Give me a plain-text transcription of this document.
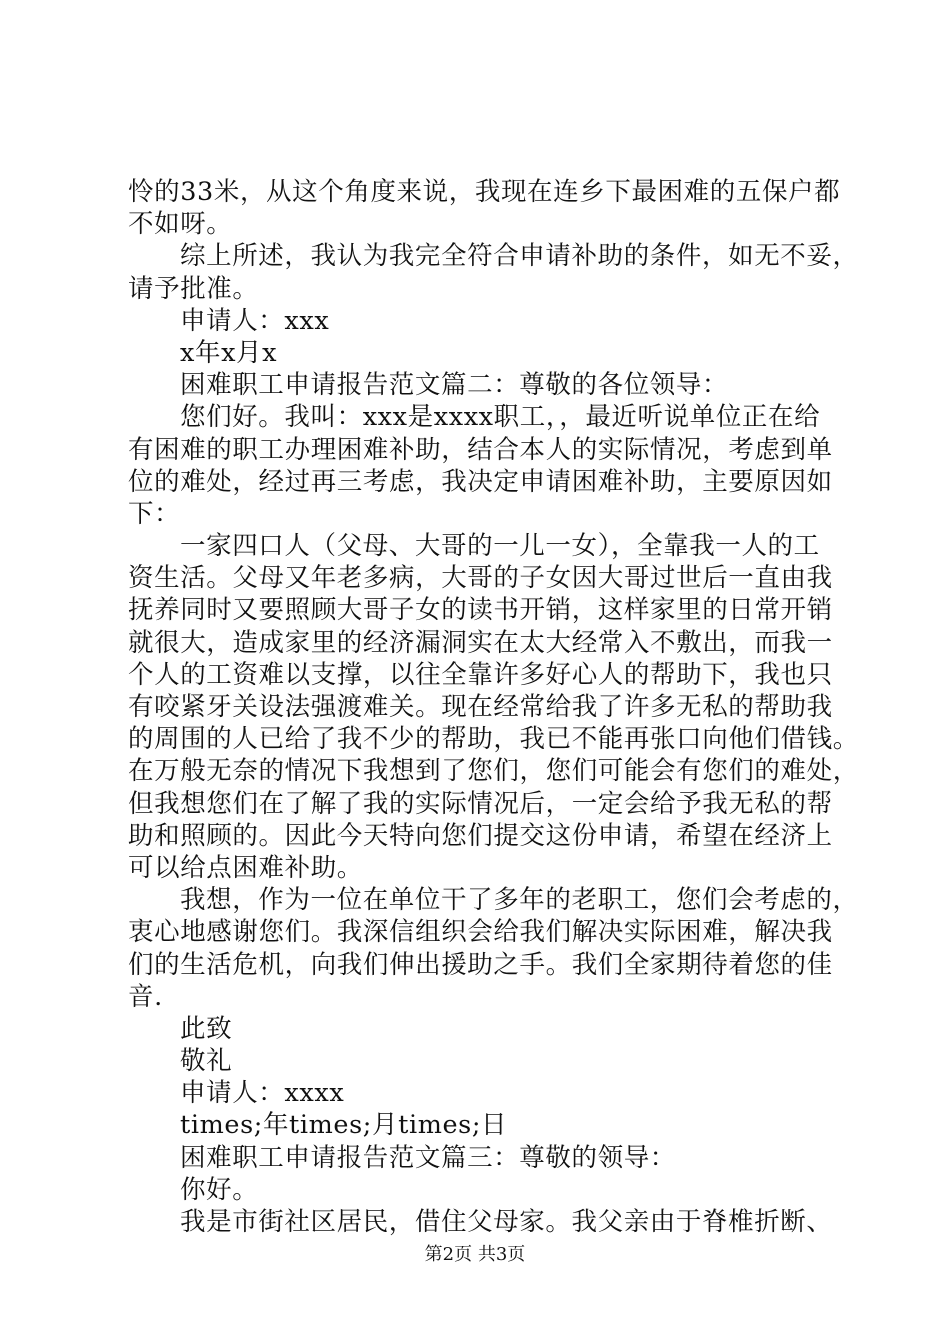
怜的33米，从这个角度来说，我现在连乡下最困难的五保户都
不如呀。
综上所述，我认为我完全符合申请补助的条件，如无不妥，
请予批准。
申请人：xxx
x年x月x
困难职工申请报告范文篇二：尊敬的各位领导：
您们好。我叫：xxx是xxxx职工，，最近听说单位正在给
有困难的职工办理困难补助，结合本人的实际情况，考虑到单
位的难处，经过再三考虑，我决定申请困难补助，主要原因如
下：
一家四口人（父母、大哥的一儿一女），全靠我一人的工
资生活。父母又年老多病，大哥的子女因大哥过世后一直由我
抚养同时又要照顾大哥子女的读书开销，这样家里的日常开销
就很大，造成家里的经济漏洞实在太大经常入不敷出，而我一
个人的工资难以支撑，以往全靠许多好心人的帮助下，我也只
有咬紧牙关设法强渡难关。现在经常给我了许多无私的帮助我
的周围的人已给了我不少的帮助，我已不能再张口向他们借钱。
在万般无奈的情况下我想到了您们，您们可能会有您们的难处，
但我想您们在了解了我的实际情况后，一定会给予我无私的帮
助和照顾的。因此今天特向您们提交这份申请，希望在经济上
可以给点困难补助。
我想，作为一位在单位干了多年的老职工，您们会考虑的，
衷心地感谢您们。我深信组织会给我们解决实际困难，解决我
们的生活危机，向我们伸出援助之手。我们全家期待着您的佳
音.
此致
敬礼
申请人：xxxx
times;年times;月times;日
困难职工申请报告范文篇三：尊敬的领导：
你好。
我是市街社区居民，借住父母家。我父亲由于脊椎折断、
第2页 共3页
